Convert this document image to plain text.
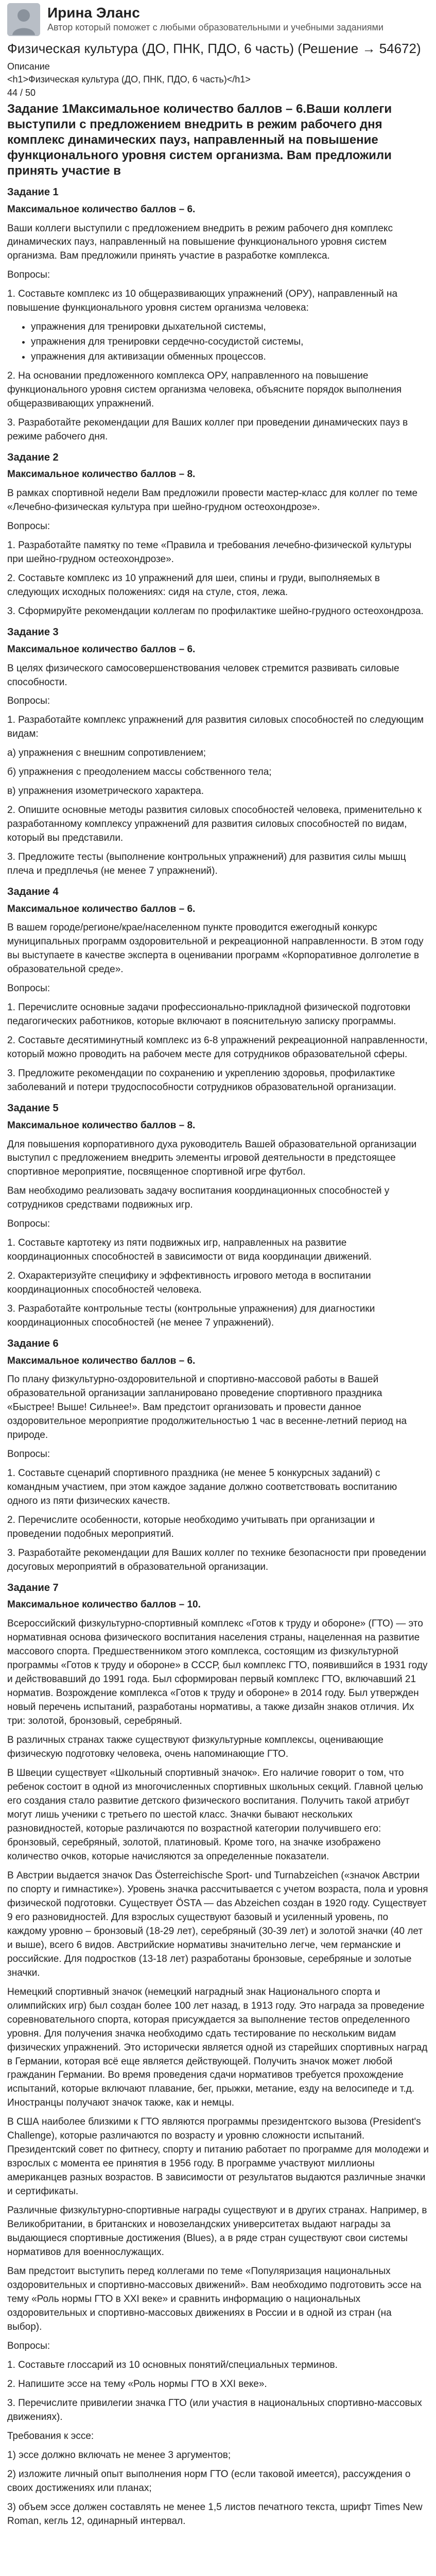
Ирина Эланс
Автор который поможет с любыми образовательными и учебными заданиями
Физическая культура (ДО, ПНК, ПДО, 6 часть) (Решение → 54672)

Описание

<h1>Физическая культура (ДО, ПНК, ПДО, 6 часть)</h1>

44 / 50

Задание 1Максимальное количество баллов – 6.Ваши коллеги выступили с предложением внедрить в режим рабочего дня комплекс динамических пауз, направленный на повышение функционального уровня систем организма. Вам предложили принять участие в
Задание 1
Максимальное количество баллов – 6.

Ваши коллеги выступили с предложением внедрить в режим рабочего дня комплекс динамических пауз, направленный на повышение функционального уровня систем организма. Вам предложили принять участие в разработке комплекса.

Вопросы:

1. Составьте комплекс из 10 общеразвивающих упражнений (ОРУ), направленный на повышение функционального уровня систем организма человека:

• упражнения для тренировки дыхательной системы,
• упражнения для тренировки сердечно-сосудистой системы,
• упражнения для активизации обменных процессов.

2. На основании предложенного комплекса ОРУ, направленного на повышение функционального уровня систем организма человека, объясните порядок выполнения общеразвивающих упражнений.

3. Разработайте рекомендации для Ваших коллег при проведении динамических пауз в режиме рабочего дня.

Задание 2
Максимальное количество баллов – 8.

В рамках спортивной недели Вам предложили провести мастер-класс для коллег по теме «Лечебно-физическая культура при шейно-грудном остеохондрозе».

Вопросы:

1. Разработайте памятку по теме «Правила и требования лечебно-физической культуры при шейно-грудном остеохондрозе».

2. Составьте комплекс из 10 упражнений для шеи, спины и груди, выполняемых в следующих исходных положениях: сидя на стуле, стоя, лежа.

3. Сформируйте рекомендации коллегам по профилактике шейно-грудного остеохондроза.

Задание 3
Максимальное количество баллов – 6.

В целях физического самосовершенствования человек стремится развивать силовые способности.

Вопросы:

1. Разработайте комплекс упражнений для развития силовых способностей по следующим видам:

а) упражнения с внешним сопротивлением;

б) упражнения с преодолением массы собственного тела;

в) упражнения изометрического характера.

2. Опишите основные методы развития силовых способностей человека, применительно к разработанному комплексу упражнений для развития силовых способностей по видам, который вы представили.

3. Предложите тесты (выполнение контрольных упражнений) для развития силы мышц плеча и предплечья (не менее 7 упражнений).

Задание 4
Максимальное количество баллов – 6.

В вашем городе/регионе/крае/населенном пункте проводится ежегодный конкурс муниципальных программ оздоровительной и рекреационной направленности. В этом году вы выступаете в качестве эксперта в оценивании программ «Корпоративное долголетие в образовательной среде».

Вопросы:

1. Перечислите основные задачи профессионально-прикладной физической подготовки педагогических работников, которые включают в пояснительную записку программы.

2. Составьте десятиминутный комплекс из 6-8 упражнений рекреационной направленности, который можно проводить на рабочем месте для сотрудников образовательной сферы.

3. Предложите рекомендации по сохранению и укреплению здоровья, профилактике заболеваний и потери трудоспособности сотрудников образовательной организации.

Задание 5
Максимальное количество баллов – 8.

Для повышения корпоративного духа руководитель Вашей образовательной организации выступил с предложением внедрить элементы игровой деятельности в предстоящее спортивное мероприятие, посвященное спортивной игре футбол.

Вам необходимо реализовать задачу воспитания координационных способностей у сотрудников средствами подвижных игр.

Вопросы:

1. Составьте картотеку из пяти подвижных игр, направленных на развитие координационных способностей в зависимости от вида координации движений.

2. Охарактеризуйте специфику и эффективность игрового метода в воспитании координационных способностей человека.

3. Разработайте контрольные тесты (контрольные упражнения) для диагностики координационных способностей (не менее 7 упражнений).

Задание 6
Максимальное количество баллов – 6.

По плану физкультурно-оздоровительной и спортивно-массовой работы в Вашей образовательной организации запланировано проведение спортивного праздника «Быстрее! Выше! Сильнее!». Вам предстоит организовать и провести данное оздоровительное мероприятие продолжительностью 1 час в весенне-летний период на природе.

Вопросы:

1. Составьте сценарий спортивного праздника (не менее 5 конкурсных заданий) с командным участием, при этом каждое задание должно соответствовать воспитанию одного из пяти физических качеств.

2. Перечислите особенности, которые необходимо учитывать при организации и проведении подобных мероприятий.

3. Разработайте рекомендации для Ваших коллег по технике безопасности при проведении досуговых мероприятий в образовательной организации.

Задание 7
Максимальное количество баллов – 10.

Всероссийский физкультурно-спортивный комплекс «Готов к труду и обороне» (ГТО) — это нормативная основа физического воспитания населения страны, нацеленная на развитие массового спорта. Предшественником этого комплекса, состоящим из физкультурной программы «Готов к труду и обороне» в СССР, был комплекс ГТО, появившийся в 1931 году и действовавший до 1991 года. Был сформирован первый комплекс ГТО, включавший 21 норматив. Возрождение комплекса «Готов к труду и обороне» в 2014 году. Был утвержден новый перечень испытаний, разработаны нормативы, а также дизайн знаков отличия. Их три: золотой, бронзовый, серебряный.

В различных странах также существуют физкультурные комплексы, оценивающие физическую подготовку человека, очень напоминающие ГТО.

В Швеции существует «Школьный спортивный значок». Его наличие говорит о том, что ребенок состоит в одной из многочисленных спортивных школьных секций. Главной целью его создания стало развитие детского физического воспитания. Получить такой атрибут могут лишь ученики с третьего по шестой класс. Значки бывают нескольких разновидностей, которые различаются по возрастной категории получившего его: бронзовый, серебряный, золотой, платиновый. Кроме того, на значке изображено количество очков, которые начисляются за определенные показатели.

В Австрии выдается значок Das Österreichische Sport- und Turnabzeichen («значок Австрии по спорту и гимнастике»). Уровень значка рассчитывается с учетом возраста, пола и уровня физической подготовки. Существует ÖSTA — das Abzeichen создан в 1920 году. Существует 9 его разновидностей. Для взрослых существуют базовый и усиленный уровень, по каждому уровню – бронзовый (18-29 лет), серебряный (30-39 лет) и золотой значки (40 лет и выше), всего 6 видов. Австрийские нормативы значительно легче, чем германские и российские. Для подростков (13-18 лет) разработаны бронзовые, серебряные и золотые значки.

Немецкий спортивный значок (немецкий наградный знак Национального спорта и олимпийских игр) был создан более 100 лет назад, в 1913 году. Это награда за проведение соревновательного спорта, которая присуждается за выполнение тестов определенного уровня. Для получения значка необходимо сдать тестирование по нескольким видам физических упражнений. Это исторически является одной из старейших спортивных наград в Германии, которая всё еще является действующей. Получить значок может любой гражданин Германии. Во время проведения сдачи нормативов требуется прохождение испытаний, которые включают плавание, бег, прыжки, метание, езду на велосипеде и т.д. Иностранцы получают значок также, как и немцы.

В США наиболее близкими к ГТО являются программы президентского вызова (President's Challenge), которые различаются по возрасту и уровню сложности испытаний. Президентский совет по фитнесу, спорту и питанию работает по программе для молодежи и взрослых с момента ее принятия в 1956 году. В программе участвуют миллионы американцев разных возрастов. В зависимости от результатов выдаются различные значки и сертификаты.

Различные физкультурно-спортивные награды существуют и в других странах. Например, в Великобритании, в британских и новозеландских университетах выдают награды за выдающиеся спортивные достижения (Blues), а в ряде стран существуют свои системы нормативов для военнослужащих.

Вам предстоит выступить перед коллегами по теме «Популяризация национальных оздоровительных и спортивно-массовых движений». Вам необходимо подготовить эссе на тему «Роль нормы ГТО в XXI веке» и сравнить информацию о национальных оздоровительных и спортивно-массовых движениях в России и в одной из стран (на выбор).

Вопросы:

1. Составьте глоссарий из 10 основных понятий/специальных терминов.

2. Напишите эссе на тему «Роль нормы ГТО в XXI веке».

3. Перечислите привилегии значка ГТО (или участия в национальных спортивно-массовых движениях).

Требования к эссе:

1) эссе должно включать не менее 3 аргументов;

2) изложите личный опыт выполнения норм ГТО (если таковой имеется), рассуждения о своих достижениях или планах;

3) объем эссе должен составлять не менее 1,5 листов печатного текста, шрифт Times New Roman, кегль 12, одинарный интервал.
